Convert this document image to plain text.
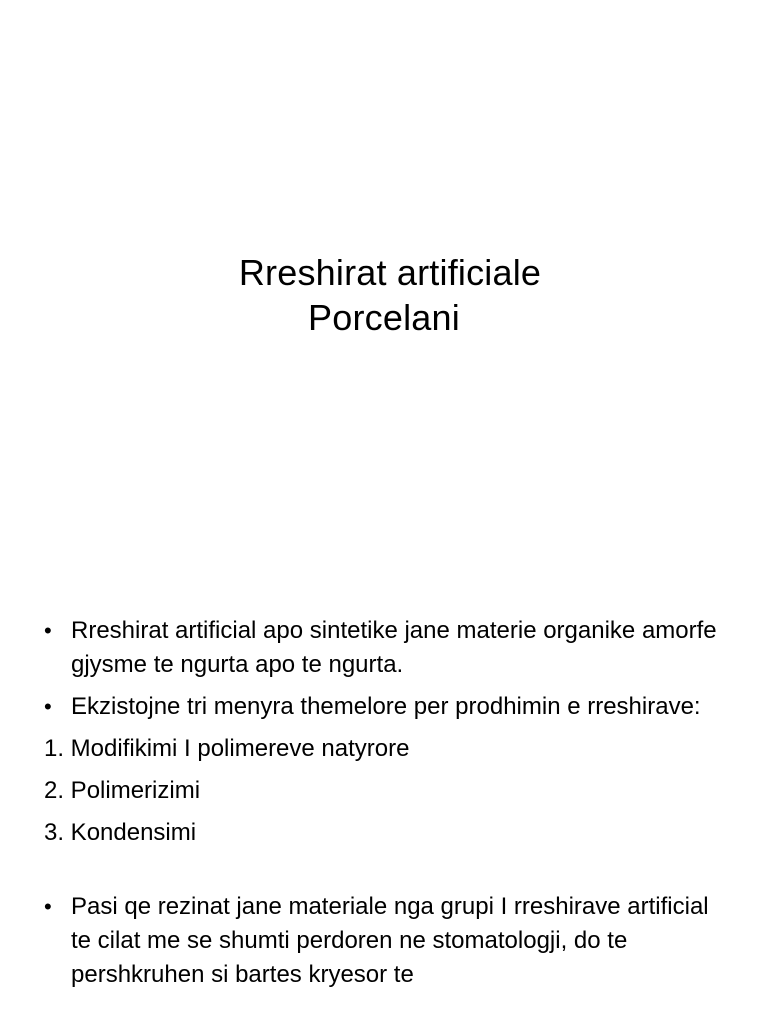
Rreshirat artificiale
Porcelani
• Rreshirat artificial apo sintetike jane materie organike amorfe gjysme te ngurta apo te ngurta.
• Ekzistojne tri menyra themelore per prodhimin e rreshirave:
1. Modifikimi I polimereve natyrore
2. Polimerizimi
3. Kondensimi
• Pasi qe rezinat jane materiale nga grupi I rreshirave artificial te cilat me se shumti perdoren ne stomatologji, do te pershkruhen si bartes kryesor te
